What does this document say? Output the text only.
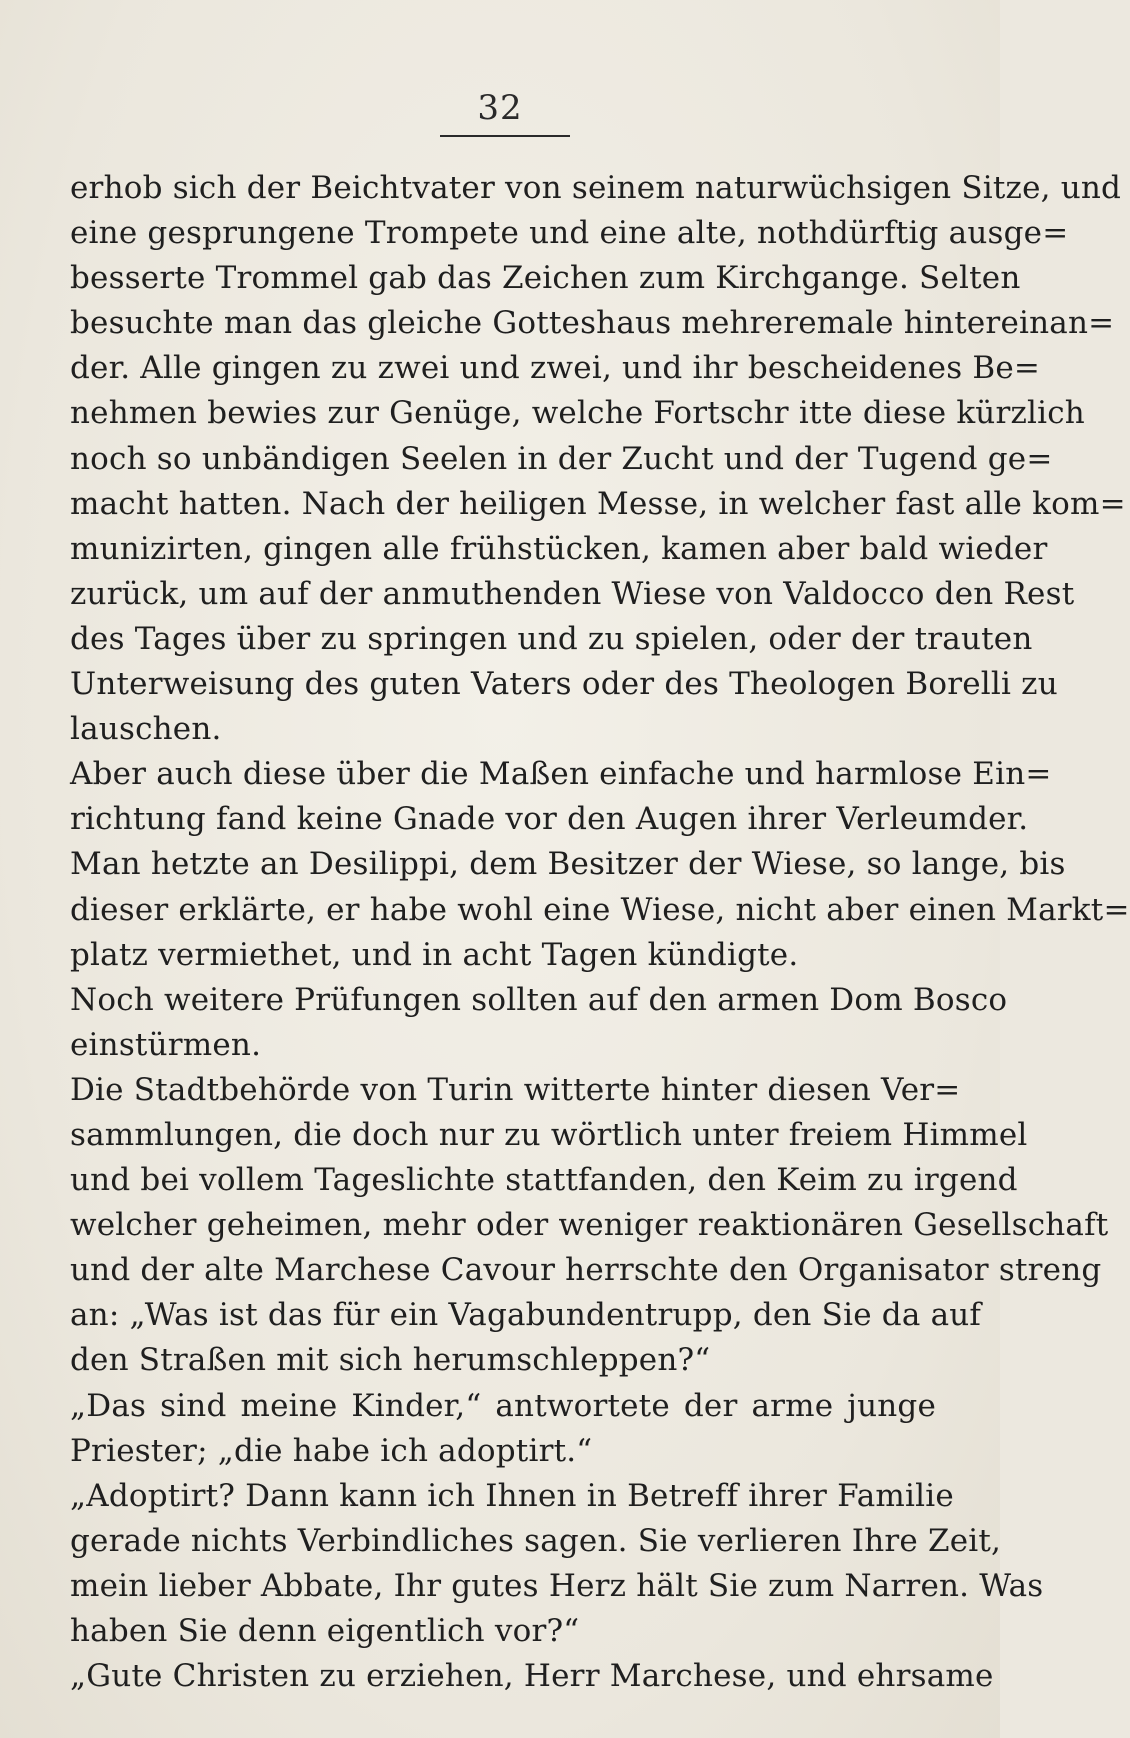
32
erhob sich der Beichtvater von seinem naturwüchsigen Sitze, und
eine gesprungene Trompete und eine alte, nothdürftig ausge=
besserte Trommel gab das Zeichen zum Kirchgange. Selten
besuchte man das gleiche Gotteshaus mehreremale hintereinan=
der. Alle gingen zu zwei und zwei, und ihr bescheidenes Be=
nehmen bewies zur Genüge, welche Fortschr itte diese kürzlich
noch so unbändigen Seelen in der Zucht und der Tugend ge=
macht hatten. Nach der heiligen Messe, in welcher fast alle kom=
munizirten, gingen alle frühstücken, kamen aber bald wieder
zurück, um auf der anmuthenden Wiese von Valdocco den Rest
des Tages über zu springen und zu spielen, oder der trauten
Unterweisung des guten Vaters oder des Theologen Borelli zu
lauschen.
Aber auch diese über die Maßen einfache und harmlose Ein=
richtung fand keine Gnade vor den Augen ihrer Verleumder.
Man hetzte an Desilippi, dem Besitzer der Wiese, so lange, bis
dieser erklärte, er habe wohl eine Wiese, nicht aber einen Markt=
platz vermiethet, und in acht Tagen kündigte.
Noch weitere Prüfungen sollten auf den armen Dom Bosco
einstürmen.
Die Stadtbehörde von Turin witterte hinter diesen Ver=
sammlungen, die doch nur zu wörtlich unter freiem Himmel
und bei vollem Tageslichte stattfanden, den Keim zu irgend
welcher geheimen, mehr oder weniger reaktionären Gesellschaft
und der alte Marchese Cavour herrschte den Organisator streng
an: „Was ist das für ein Vagabundentrupp, den Sie da auf
den Straßen mit sich herumschleppen?“
„Das sind meine Kinder,“ antwortete der arme junge
Priester; „die habe ich adoptirt.“
„Adoptirt? Dann kann ich Ihnen in Betreff ihrer Familie
gerade nichts Verbindliches sagen. Sie verlieren Ihre Zeit,
mein lieber Abbate, Ihr gutes Herz hält Sie zum Narren. Was
haben Sie denn eigentlich vor?“
„Gute Christen zu erziehen, Herr Marchese, und ehrsame
